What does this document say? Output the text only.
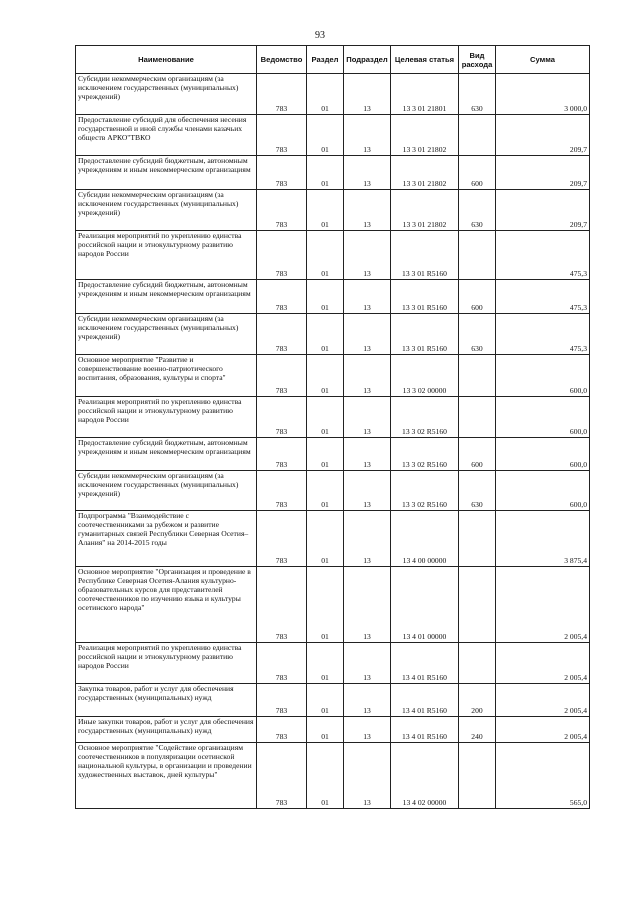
93
Наименование	Ведомство	Раздел	Подраздел	Целевая статья	Вид расхода	Сумма
Субсидии некоммерческим организациям (за исключением государственных (муниципальных) учреждений)	783	01	13	13 3 01 21801	630	3 000,0
Предоставление субсидий для обеспечения несения государственной и иной службы членами казачьих обществ АРКО"ТВКО	783	01	13	13 3 01 21802		209,7
Предоставление субсидий бюджетным, автономным учреждениям и иным некоммерческим организациям	783	01	13	13 3 01 21802	600	209,7
Субсидии некоммерческим организациям (за исключением государственных (муниципальных) учреждений)	783	01	13	13 3 01 21802	630	209,7
Реализация мероприятий по укреплению единства российской нации и этнокультурному развитию народов России	783	01	13	13 3 01 R5160		475,3
Предоставление субсидий бюджетным, автономным учреждениям и иным некоммерческим организациям	783	01	13	13 3 01 R5160	600	475,3
Субсидии некоммерческим организациям (за исключением государственных (муниципальных) учреждений)	783	01	13	13 3 01 R5160	630	475,3
Основное мероприятие "Развитие и совершенствование военно-патриотического воспитания, образования, культуры и спорта"	783	01	13	13 3 02 00000		600,0
Реализация мероприятий по укреплению единства российской нации и этнокультурному развитию народов России	783	01	13	13 3 02 R5160		600,0
Предоставление субсидий бюджетным, автономным учреждениям и иным некоммерческим организациям	783	01	13	13 3 02 R5160	600	600,0
Субсидии некоммерческим организациям (за исключением государственных (муниципальных) учреждений)	783	01	13	13 3 02 R5160	630	600,0
Подпрограмма "Взаимодействие с соотечественниками за рубежом и развитие гуманитарных связей Республики Северная Осетия–Алания" на 2014-2015 годы	783	01	13	13 4 00 00000		3 875,4
Основное мероприятие "Организация и проведение в Республике Северная Осетия-Алания культурно-образовательных курсов для представителей соотечественников по изучению языка и культуры осетинского народа"	783	01	13	13 4 01 00000		2 005,4
Реализация мероприятий по укреплению единства российской нации и этнокультурному развитию народов России	783	01	13	13 4 01 R5160		2 005,4
Закупка товаров, работ и услуг для обеспечения государственных (муниципальных) нужд	783	01	13	13 4 01 R5160	200	2 005,4
Иные закупки товаров, работ и услуг для обеспечения государственных (муниципальных) нужд	783	01	13	13 4 01 R5160	240	2 005,4
Основное мероприятие "Содействие организациям соотечественников в популяризации осетинской национальной культуры, в организации и проведении художественных выставок, дней культуры"	783	01	13	13 4 02 00000		565,0
